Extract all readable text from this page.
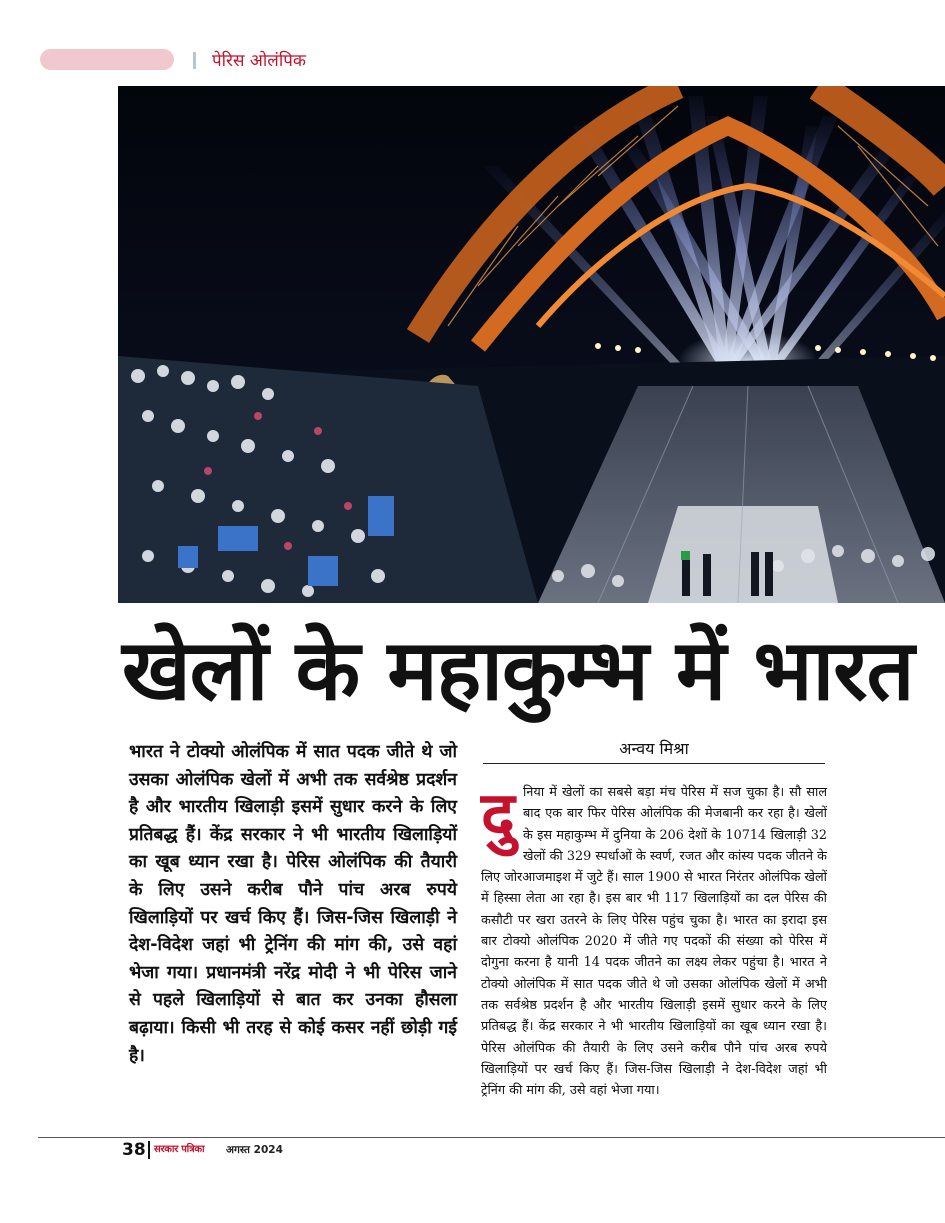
पेरिस ओलंपिक
खेलों के महाकुम्भ में भारत
भारत ने टोक्यो ओलंपिक में सात पदक जीते थे जो उसका ओलंपिक खेलों में अभी तक सर्वश्रेष्ठ प्रदर्शन है और भारतीय खिलाड़ी इसमें सुधार करने के लिए प्रतिबद्ध हैं। केंद्र सरकार ने भी भारतीय खिलाड़ियों का खूब ध्यान रखा है। पेरिस ओलंपिक की तैयारी के लिए उसने करीब पौने पांच अरब रुपये खिलाड़ियों पर खर्च किए हैं। जिस-जिस खिलाड़ी ने देश-विदेश जहां भी ट्रेनिंग की मांग की, उसे वहां भेजा गया। प्रधानमंत्री नरेंद्र मोदी ने भी पेरिस जाने से पहले खिलाड़ियों से बात कर उनका हौसला बढ़ाया। किसी भी तरह से कोई कसर नहीं छोड़ी गई है।
अन्वय मिश्रा
दुनिया में खेलों का सबसे बड़ा मंच पेरिस में सज चुका है। सौ साल बाद एक बार फिर पेरिस ओलंपिक की मेजबानी कर रहा है। खेलों के इस महाकुम्भ में दुनिया के 206 देशों के 10714 खिलाड़ी 32 खेलों की 329 स्पर्धाओं के स्वर्ण, रजत और कांस्य पदक जीतने के लिए जोरआजमाइश में जुटे हैं। साल 1900 से भारत निरंतर ओलंपिक खेलों में हिस्सा लेता आ रहा है। इस बार भी 117 खिलाड़ियों का दल पेरिस की कसौटी पर खरा उतरने के लिए पेरिस पहुंच चुका है। भारत का इरादा इस बार टोक्यो ओलंपिक 2020 में जीते गए पदकों की संख्या को पेरिस में दोगुना करना है यानी 14 पदक जीतने का लक्ष्य लेकर पहुंचा है। भारत ने टोक्यो ओलंपिक में सात पदक जीते थे जो उसका ओलंपिक खेलों में अभी तक सर्वश्रेष्ठ प्रदर्शन है और भारतीय खिलाड़ी इसमें सुधार करने के लिए प्रतिबद्ध हैं। केंद्र सरकार ने भी भारतीय खिलाड़ियों का खूब ध्यान रखा है। पेरिस ओलंपिक की तैयारी के लिए उसने करीब पौने पांच अरब रुपये खिलाड़ियों पर खर्च किए हैं। जिस-जिस खिलाड़ी ने देश-विदेश जहां भी ट्रेनिंग की मांग की, उसे वहां भेजा गया।
38 सरकार पत्रिका अगस्त 2024
